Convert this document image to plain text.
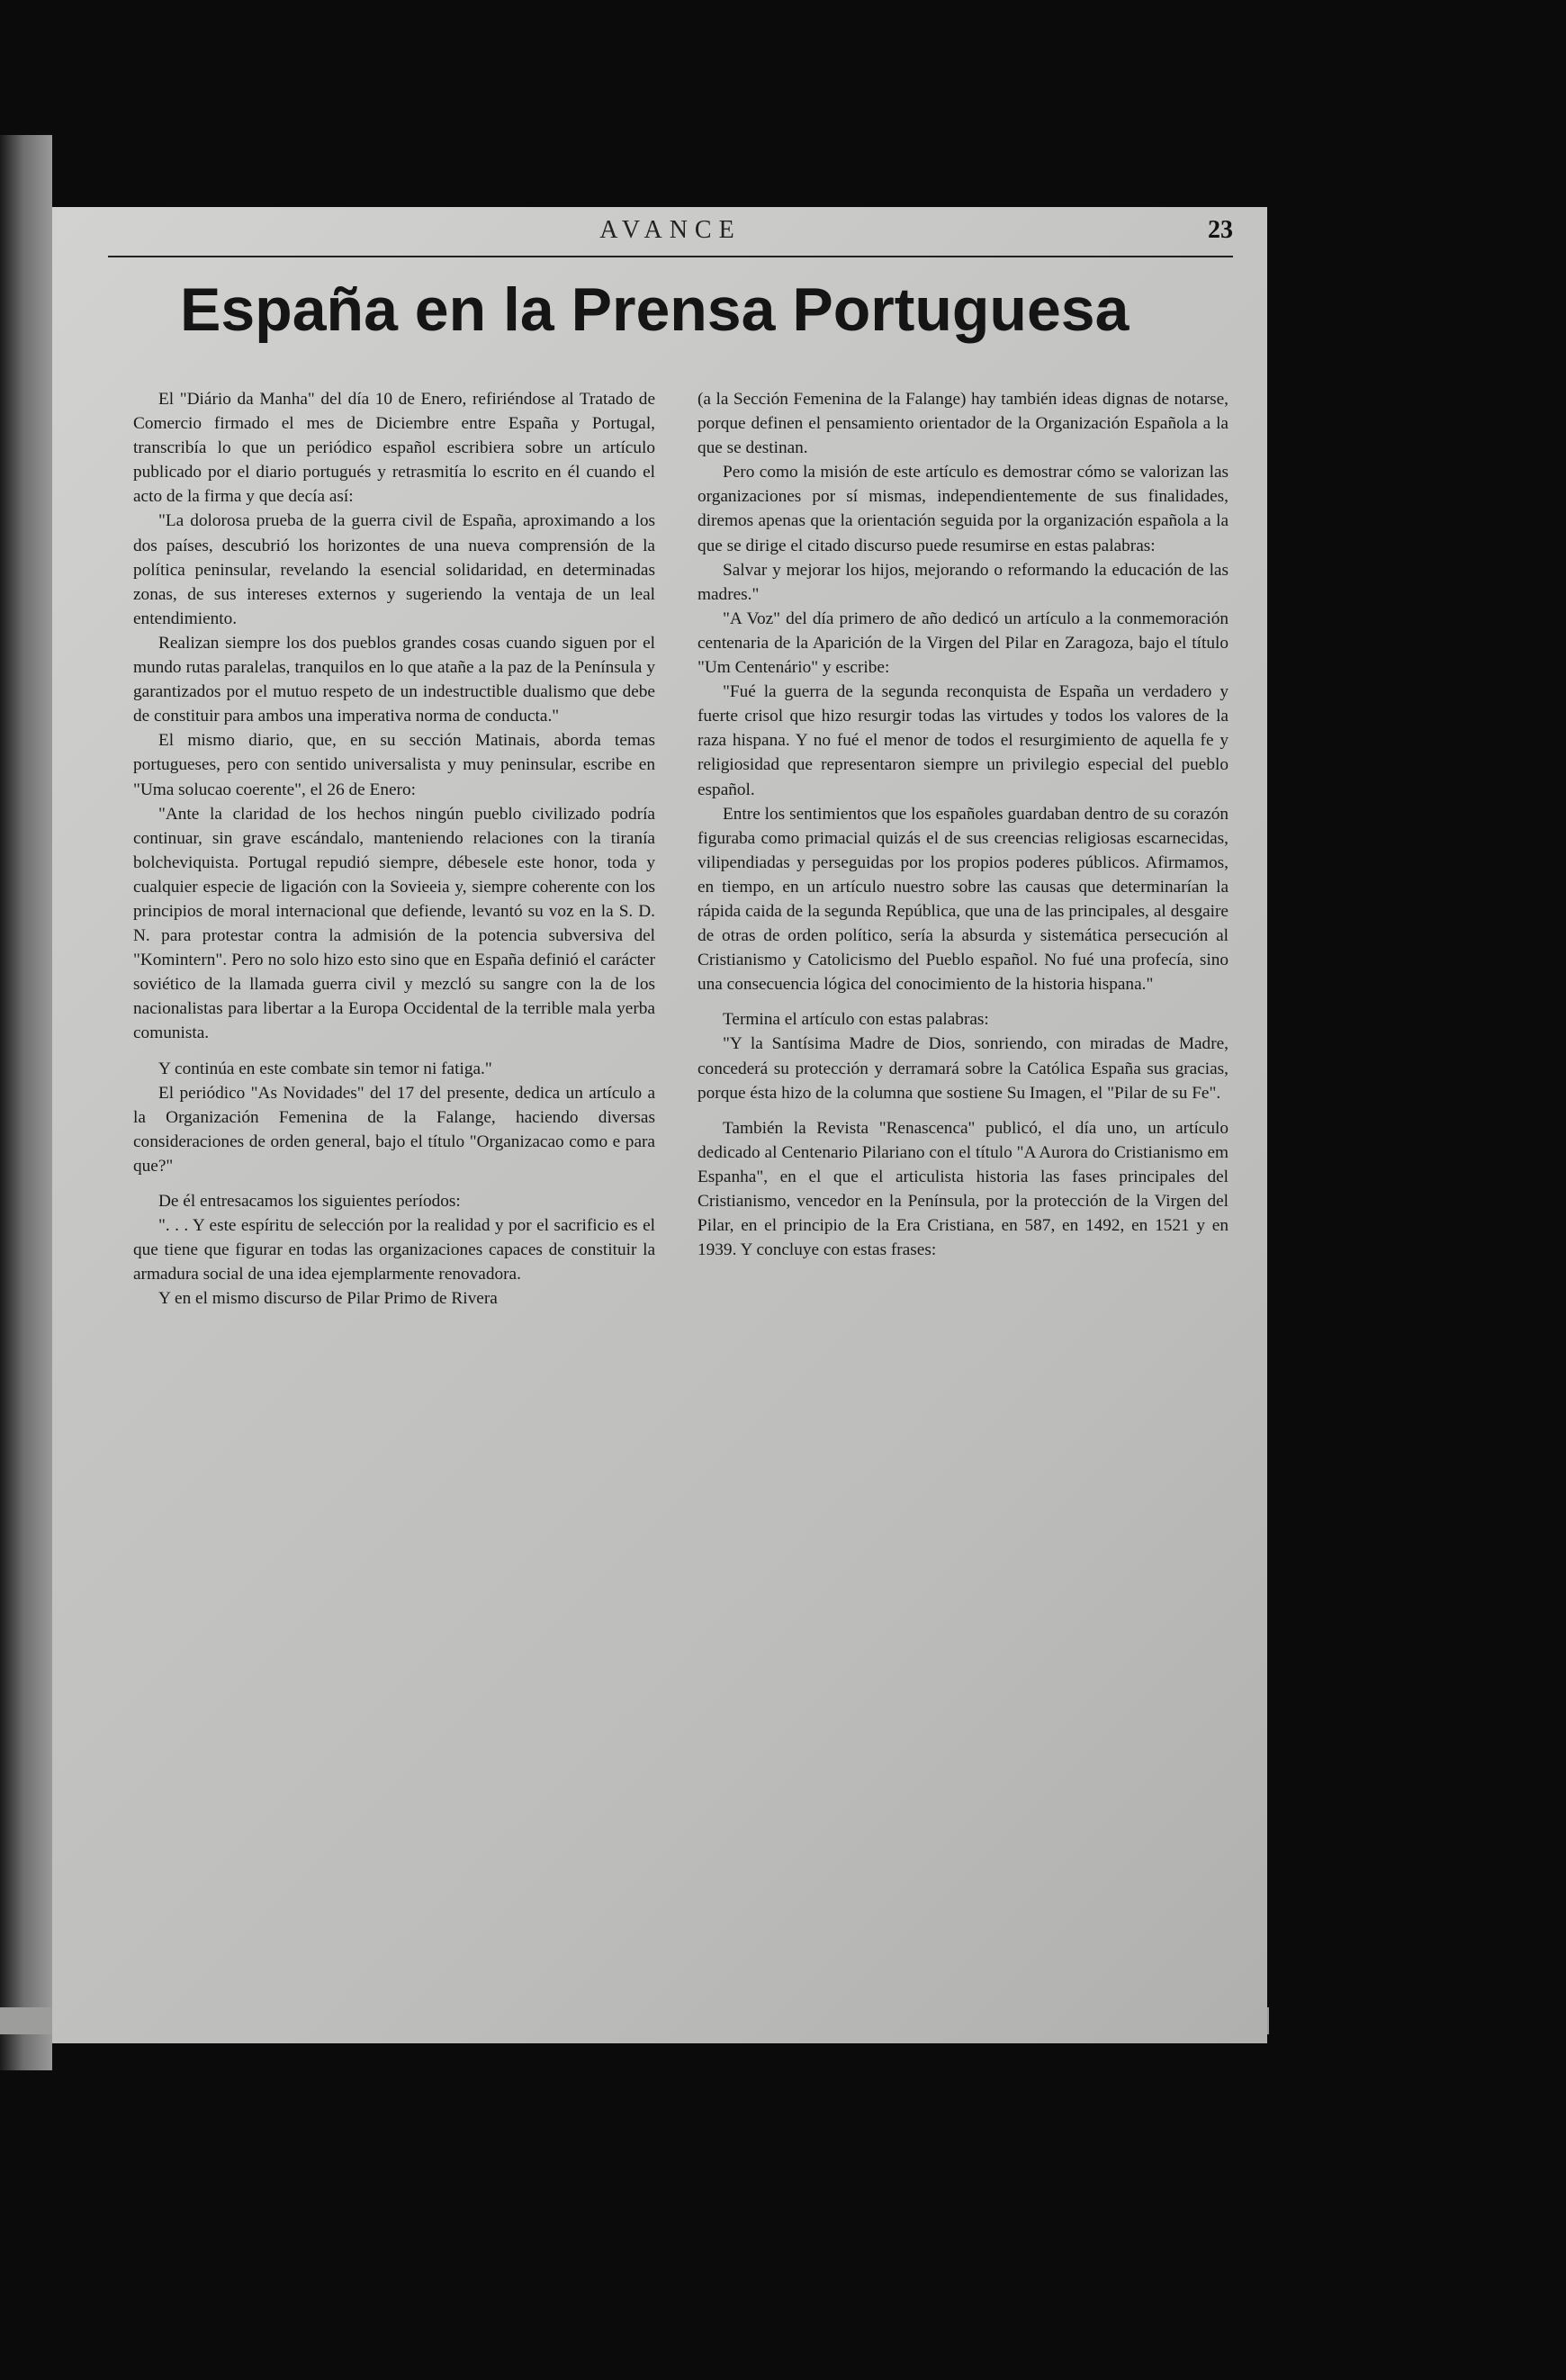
AVANCE	23
España en la Prensa Portuguesa

El "Diário da Manha" del día 10 de Enero, refiriéndose al Tratado de Comercio firmado el mes de Diciembre entre España y Portugal, transcribía lo que un periódico español escribiera sobre un artículo publicado por el diario portugués y retrasmitía lo escrito en él cuando el acto de la firma y que decía así:

"La dolorosa prueba de la guerra civil de España, aproximando a los dos países, descubrió los horizontes de una nueva comprensión de la política peninsular, revelando la esencial solidaridad, en determinadas zonas, de sus intereses externos y sugeriendo la ventaja de un leal entendimiento.

Realizan siempre los dos pueblos grandes cosas cuando siguen por el mundo rutas paralelas, tranquilos en lo que atañe a la paz de la Península y garantizados por el mutuo respeto de un indestructible dualismo que debe de constituir para ambos una imperativa norma de conducta."

El mismo diario, que, en su sección Matinais, aborda temas portugueses, pero con sentido universalista y muy peninsular, escribe en "Uma solucao coerente", el 26 de Enero:

"Ante la claridad de los hechos ningún pueblo civilizado podría continuar, sin grave escándalo, manteniendo relaciones con la tiranía bolcheviquista. Portugal repudió siempre, débesele este honor, toda y cualquier especie de ligación con la Sovieeia y, siempre coherente con los principios de moral internacional que defiende, levantó su voz en la S. D. N. para protestar contra la admisión de la potencia subversiva del "Komintern". Pero no solo hizo esto sino que en España definió el carácter soviético de la llamada guerra civil y mezcló su sangre con la de los nacionalistas para libertar a la Europa Occidental de la terrible mala yerba comunista.

Y continúa en este combate sin temor ni fatiga."

El periódico "As Novidades" del 17 del presente, dedica un artículo a la Organización Femenina de la Falange, haciendo diversas consideraciones de orden general, bajo el título "Organizacao como e para que?"

De él entresacamos los siguientes períodos:

". . . Y este espíritu de selección por la realidad y por el sacrificio es el que tiene que figurar en todas las organizaciones capaces de constituir la armadura social de una idea ejemplarmente renovadora.

Y en el mismo discurso de Pilar Primo de Rivera

(a la Sección Femenina de la Falange) hay también ideas dignas de notarse, porque definen el pensamiento orientador de la Organización Española a la que se destinan.

Pero como la misión de este artículo es demostrar cómo se valorizan las organizaciones por sí mismas, independientemente de sus finalidades, diremos apenas que la orientación seguida por la organización española a la que se dirige el citado discurso puede resumirse en estas palabras:

Salvar y mejorar los hijos, mejorando o reformando la educación de las madres."

"A Voz" del día primero de año dedicó un artículo a la conmemoración centenaria de la Aparición de la Virgen del Pilar en Zaragoza, bajo el título "Um Centenário" y escribe:

"Fué la guerra de la segunda reconquista de España un verdadero y fuerte crisol que hizo resurgir todas las virtudes y todos los valores de la raza hispana. Y no fué el menor de todos el resurgimiento de aquella fe y religiosidad que representaron siempre un privilegio especial del pueblo español.

Entre los sentimientos que los españoles guardaban dentro de su corazón figuraba como primacial quizás el de sus creencias religiosas escarnecidas, vilipendiadas y perseguidas por los propios poderes públicos. Afirmamos, en tiempo, en un artículo nuestro sobre las causas que determinarían la rápida caida de la segunda República, que una de las principales, al desgaire de otras de orden político, sería la absurda y sistemática persecución al Cristianismo y Catolicismo del Pueblo español. No fué una profecía, sino una consecuencia lógica del conocimiento de la historia hispana."

Termina el artículo con estas palabras:

"Y la Santísima Madre de Dios, sonriendo, con miradas de Madre, concederá su protección y derramará sobre la Católica España sus gracias, porque ésta hizo de la columna que sostiene Su Imagen, el "Pilar de su Fe".

También la Revista "Renascenca" publicó, el día uno, un artículo dedicado al Centenario Pilariano con el título "A Aurora do Cristianismo em Espanha", en el que el articulista historia las fases principales del Cristianismo, vencedor en la Península, por la protección de la Virgen del Pilar, en el principio de la Era Cristiana, en 587, en 1492, en 1521 y en 1939. Y concluye con estas frases:
